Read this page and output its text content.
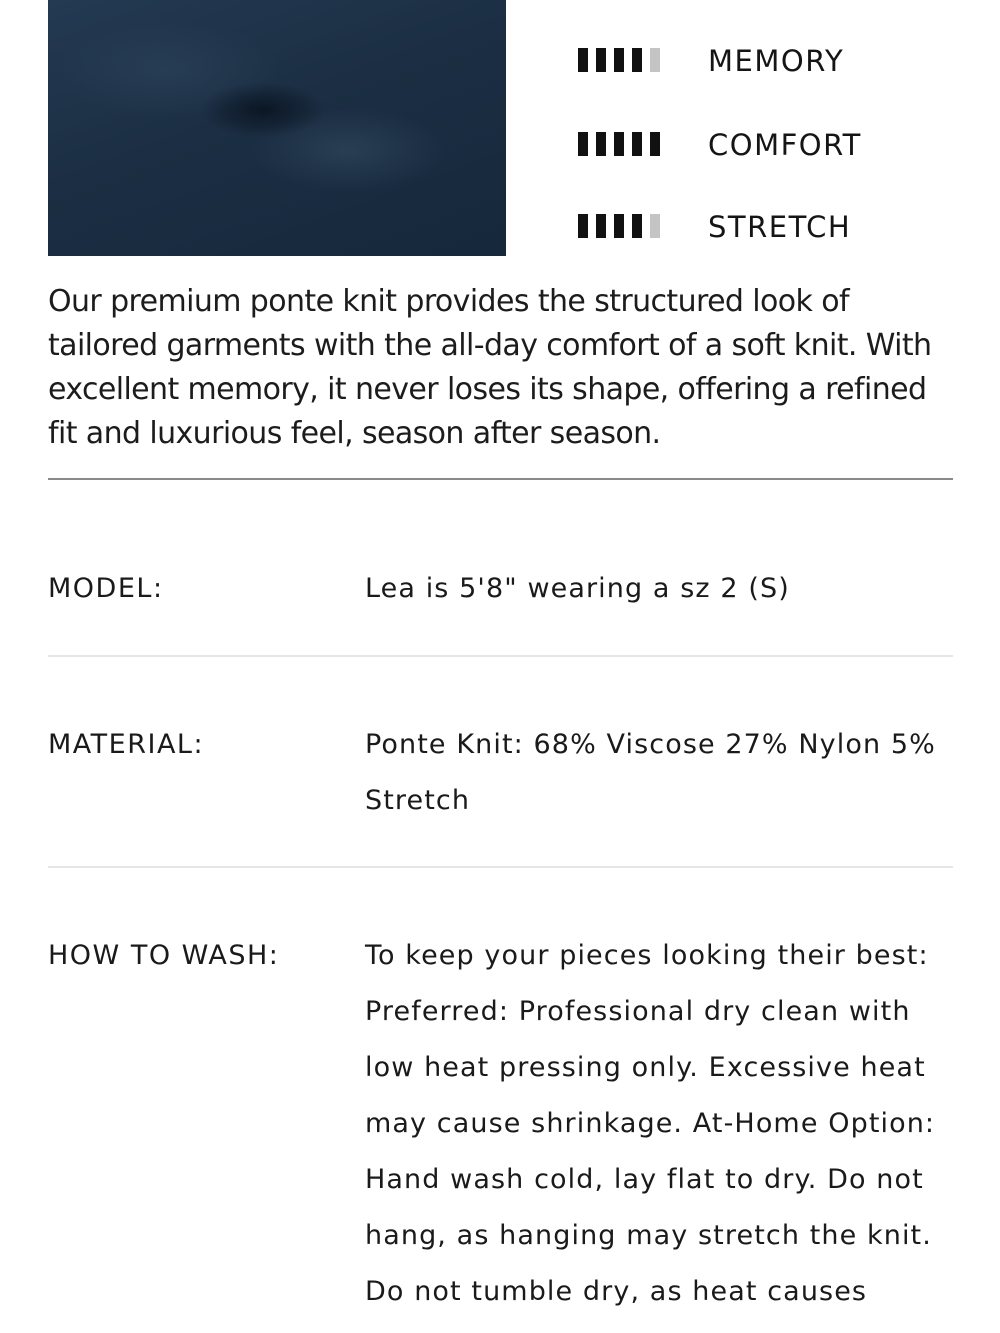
MEMORY
COMFORT
STRETCH

Our premium ponte knit provides the structured look of tailored garments with the all-day comfort of a soft knit. With excellent memory, it never loses its shape, offering a refined fit and luxurious feel, season after season.

MODEL:	Lea is 5'8" wearing a sz 2 (S)

MATERIAL:	Ponte Knit: 68% Viscose 27% Nylon 5% Stretch

HOW TO WASH:	To keep your pieces looking their best: Preferred: Professional dry clean with low heat pressing only. Excessive heat may cause shrinkage. At-Home Option: Hand wash cold, lay flat to dry. Do not hang, as hanging may stretch the knit. Do not tumble dry, as heat causes
